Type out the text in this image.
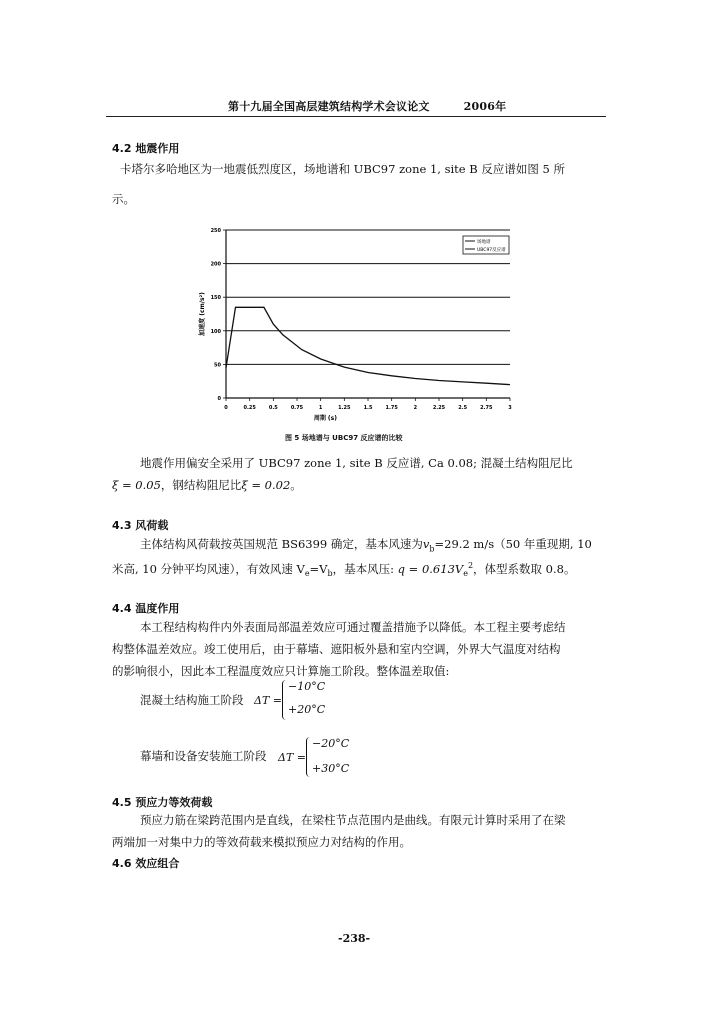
第十九届全国高层建筑结构学术会议论文	2006年
4.2 地震作用
卡塔尔多哈地区为一地震低烈度区，场地谱和 UBC97 zone 1, site B 反应谱如图 5 所
示。
0	0.25	0.5	0.75	1	1.25	1.5	1.75	2	2.25	2.5	2.75	3
0
50
100
150
200
250
周期 (s)
加速度 (cm/s²)
场地谱
UBC97反应谱
图 5 场地谱与 UBC97 反应谱的比较
地震作用偏安全采用了 UBC97 zone 1, site B 反应谱, Ca 0.08; 混凝土结构阻尼比
ξ = 0.05，钢结构阻尼比ξ = 0.02。
4.3 风荷载
主体结构风荷载按英国规范 BS6399 确定，基本风速为$v_b=29.2$ m/s（50 年重现期, 10
米高, 10 分钟平均风速），有效风速 $V_e=V_b$，基本风压: $q = 0.613V_e^2$，体型系数取 0.8。
4.4 温度作用
本工程结构构件内外表面局部温差效应可通过覆盖措施予以降低。本工程主要考虑结
构整体温差效应。竣工使用后，由于幕墙、遮阳板外悬和室内空调，外界大气温度对结构
的影响很小，因此本工程温度效应只计算施工阶段。整体温差取值:
混凝土结构施工阶段 ΔT =
−10°C
+20°C
幕墙和设备安装施工阶段 ΔT =
−20°C
+30°C
4.5 预应力等效荷载
预应力筋在梁跨范围内是直线，在梁柱节点范围内是曲线。有限元计算时采用了在梁
两端加一对集中力的等效荷载来模拟预应力对结构的作用。
4.6 效应组合
-238-
